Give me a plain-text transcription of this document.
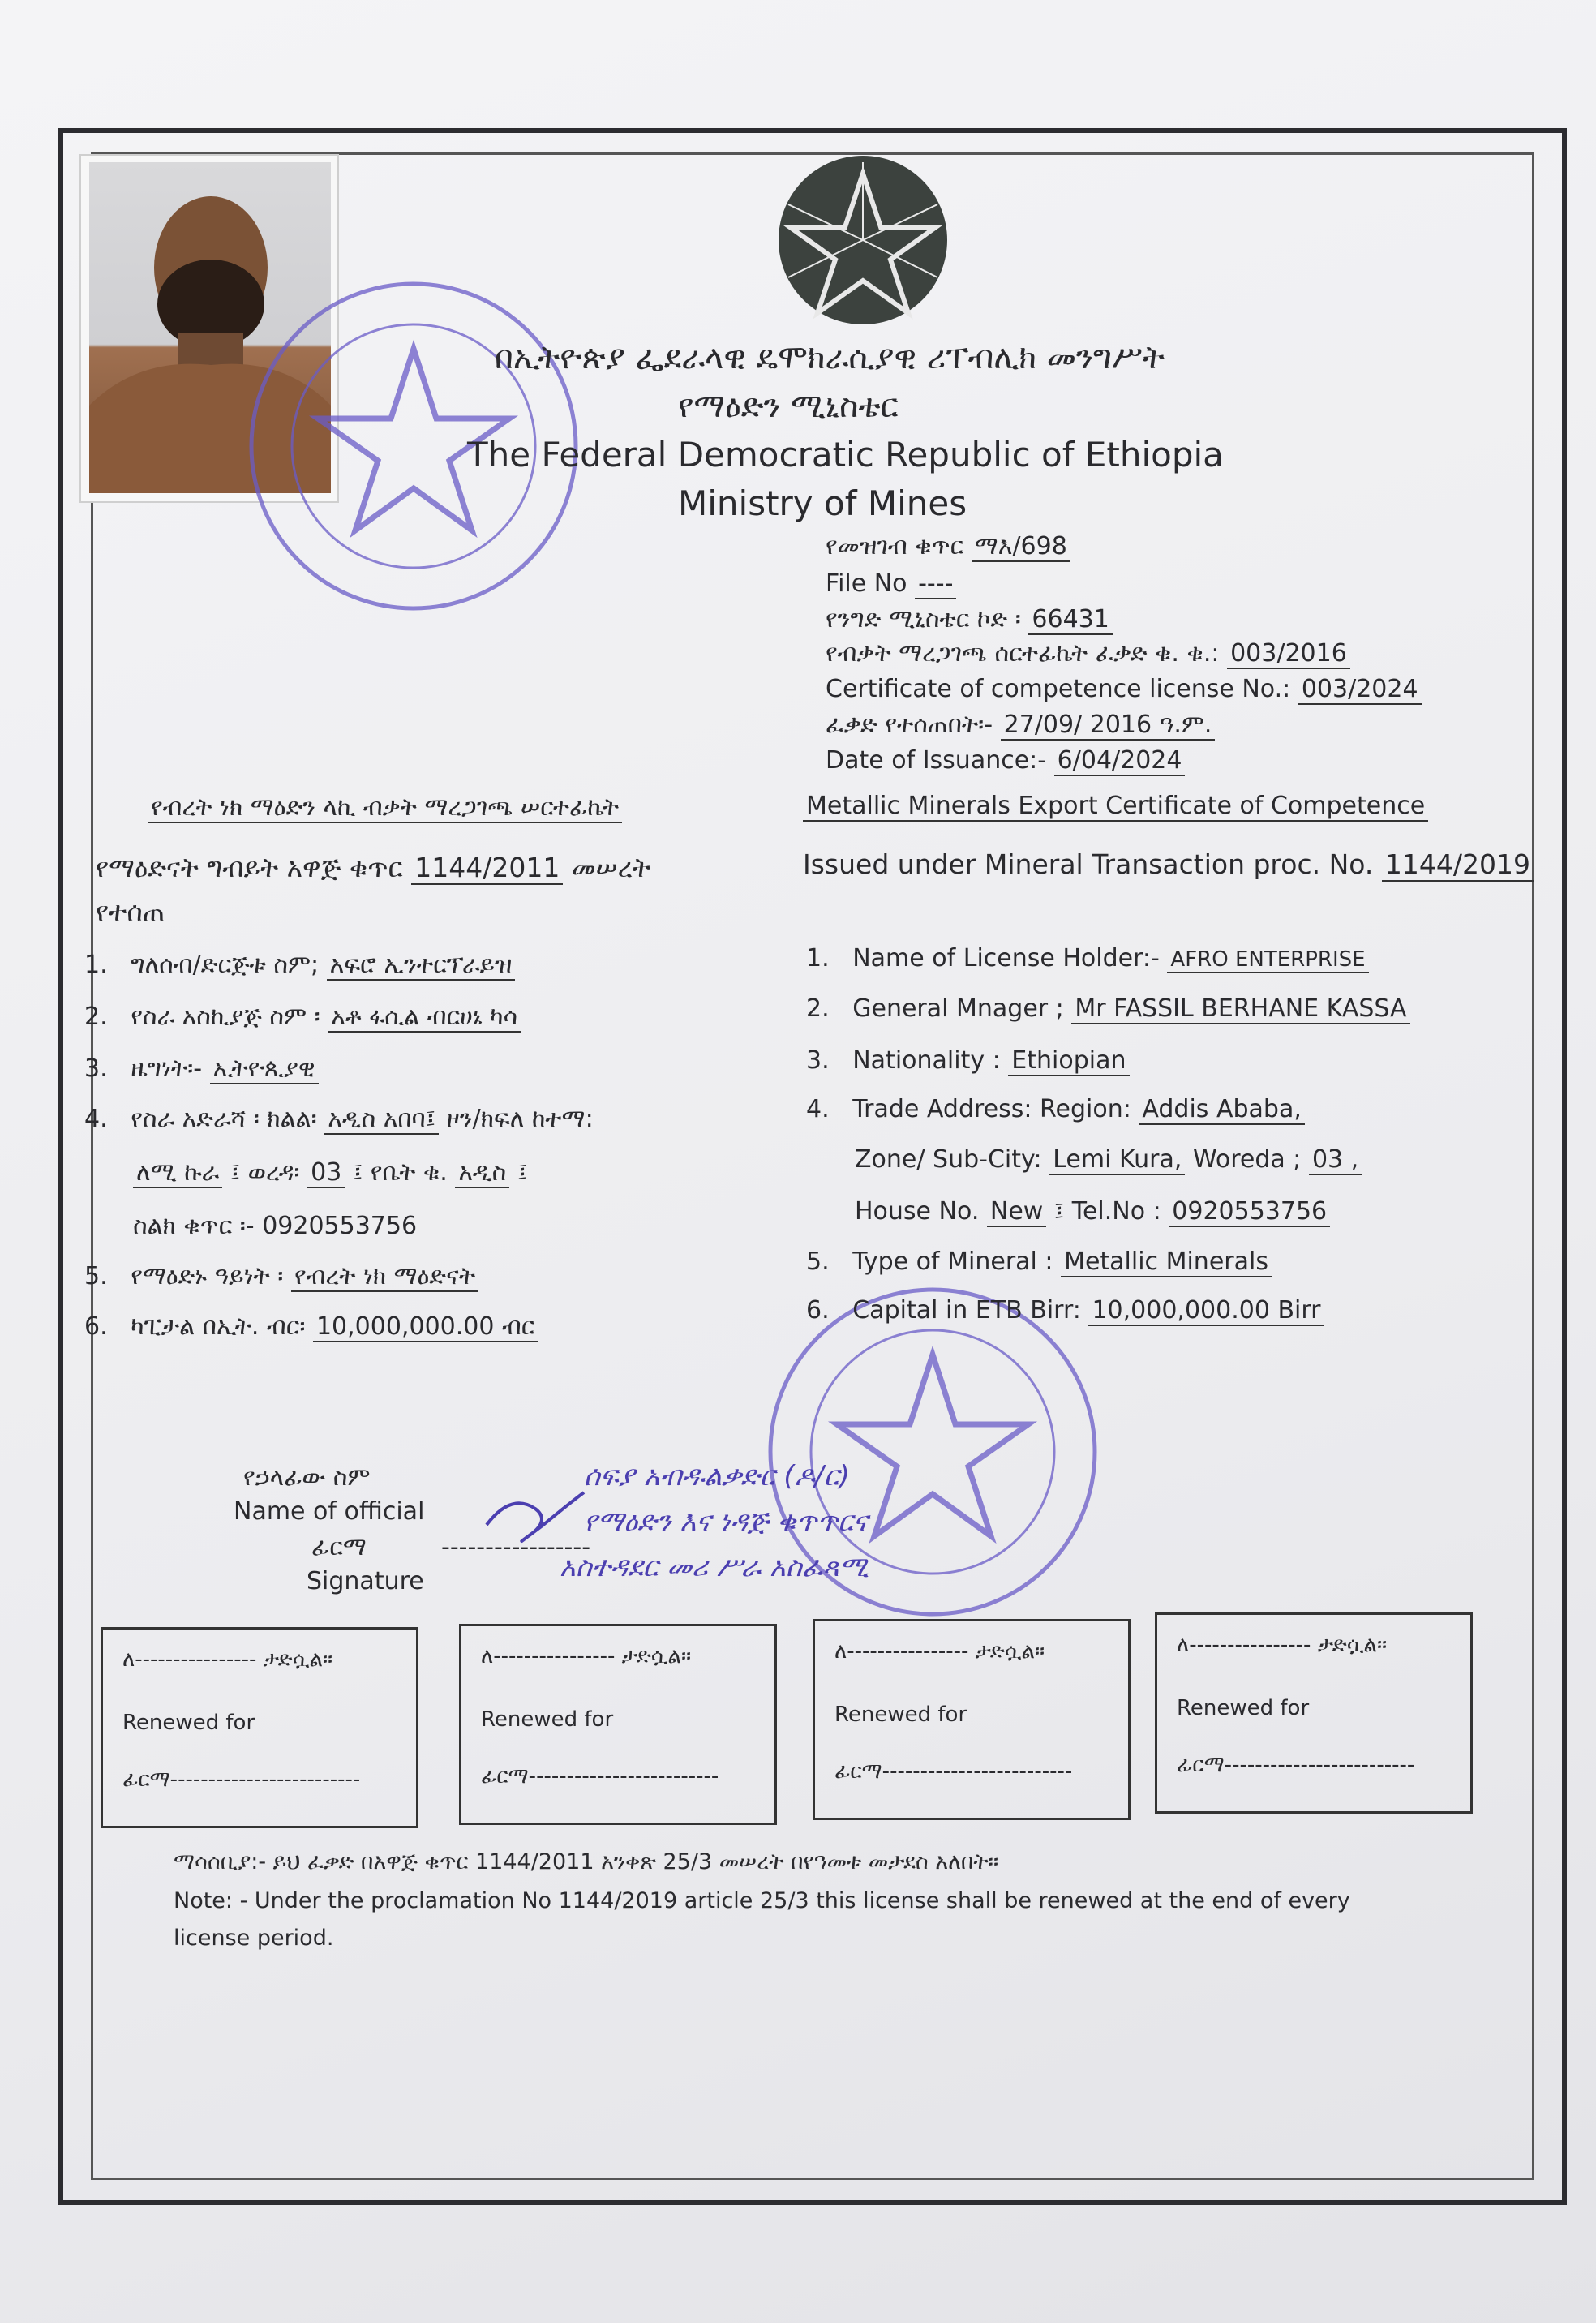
በኢትዮጵያ ፌደራላዊ ዴሞክራሲያዊ ሪፐብሊክ መንግሥት
የማዕድን ሚኒስቴር
The Federal Democratic Republic of Ethiopia
Ministry of Mines
የመዝገብ ቁጥር ማእ/698
File No ----
የንግድ ሚኒስቴር ኮድ ፡ 66431
የብቃት ማረጋገጫ ሰርተፊኬት ፈቃድ ቁ. ቁ.: 003/2016
Certificate of competence license No.: 003/2024
ፈቃድ የተሰጠበት፡- 27/09/ 2016 ዓ.ም.
Date of Issuance:- 6/04/2024
የብረት ነክ ማዕድን ላኪ ብቃት ማረጋገጫ ሠርተፊኬት	Metallic Minerals Export Certificate of Competence
የማዕድናት ግብይት አዋጅ ቁጥር 1144/2011 መሠረት
የተሰጠ
Issued under Mineral Transaction proc. No. 1144/2019
1. ግለሰብ/ድርጅቱ ስም; አፍሮ ኢንተርፕራይዝ
2. የስራ አስኪያጅ ስም ፡ አቶ ፋሲል ብርሀኔ ካሳ
3. ዜግነት፡- ኢትዮጲያዊ
4. የስራ አድራሻ ፡ ክልል፡ አዲስ አበባ፤ ዞን/ክፍለ ከተማ:
ለሚ ኩራ ፤ ወረዳ፡ 03 ፤ የቤት ቁ. አዲስ ፤
ስልክ ቁጥር ፡- 0920553756
5. የማዕድኑ ዓይነት ፡ የብረት ነክ ማዕድናት
6. ካፒታል በኢት. ብር፡ 10,000,000.00 ብር
1. Name of License Holder:- AFRO ENTERPRISE
2. General Mnager ; Mr FASSIL BERHANE KASSA
3. Nationality : Ethiopian
4. Trade Address: Region: Addis Ababa,
Zone/ Sub-City: Lemi Kura, Woreda ; 03 ,
House No. New ፤ Tel.No : 0920553756
5. Type of Mineral : Metallic Minerals
6. Capital in ETB Birr: 10,000,000.00 Birr
የኃላፊው ስም
Name of official
ፊርማ
Signature
-----------------
ሰፍያ አብዱልቃድር (ዶ/ር)
የማዕድን እና ነዳጅ ቁጥጥርና
አስተዳደር መሪ ሥራ አስፈጻሚ
ለ---------------- ታድሷል።
Renewed for
ፊርማ-------------------------
ለ---------------- ታድሷል።
Renewed for
ፊርማ-------------------------
ለ---------------- ታድሷል።
Renewed for
ፊርማ-------------------------
ለ---------------- ታድሷል።
Renewed for
ፊርማ-------------------------
ማሳሰቢያ:- ይህ ፈቃድ በአዋጅ ቁጥር 1144/2011 አንቀጽ 25/3 መሠረት በየዓመቱ መታደስ አለበት።
Note: - Under the proclamation No 1144/2019 article 25/3 this license shall be renewed at the end of every
license period.
